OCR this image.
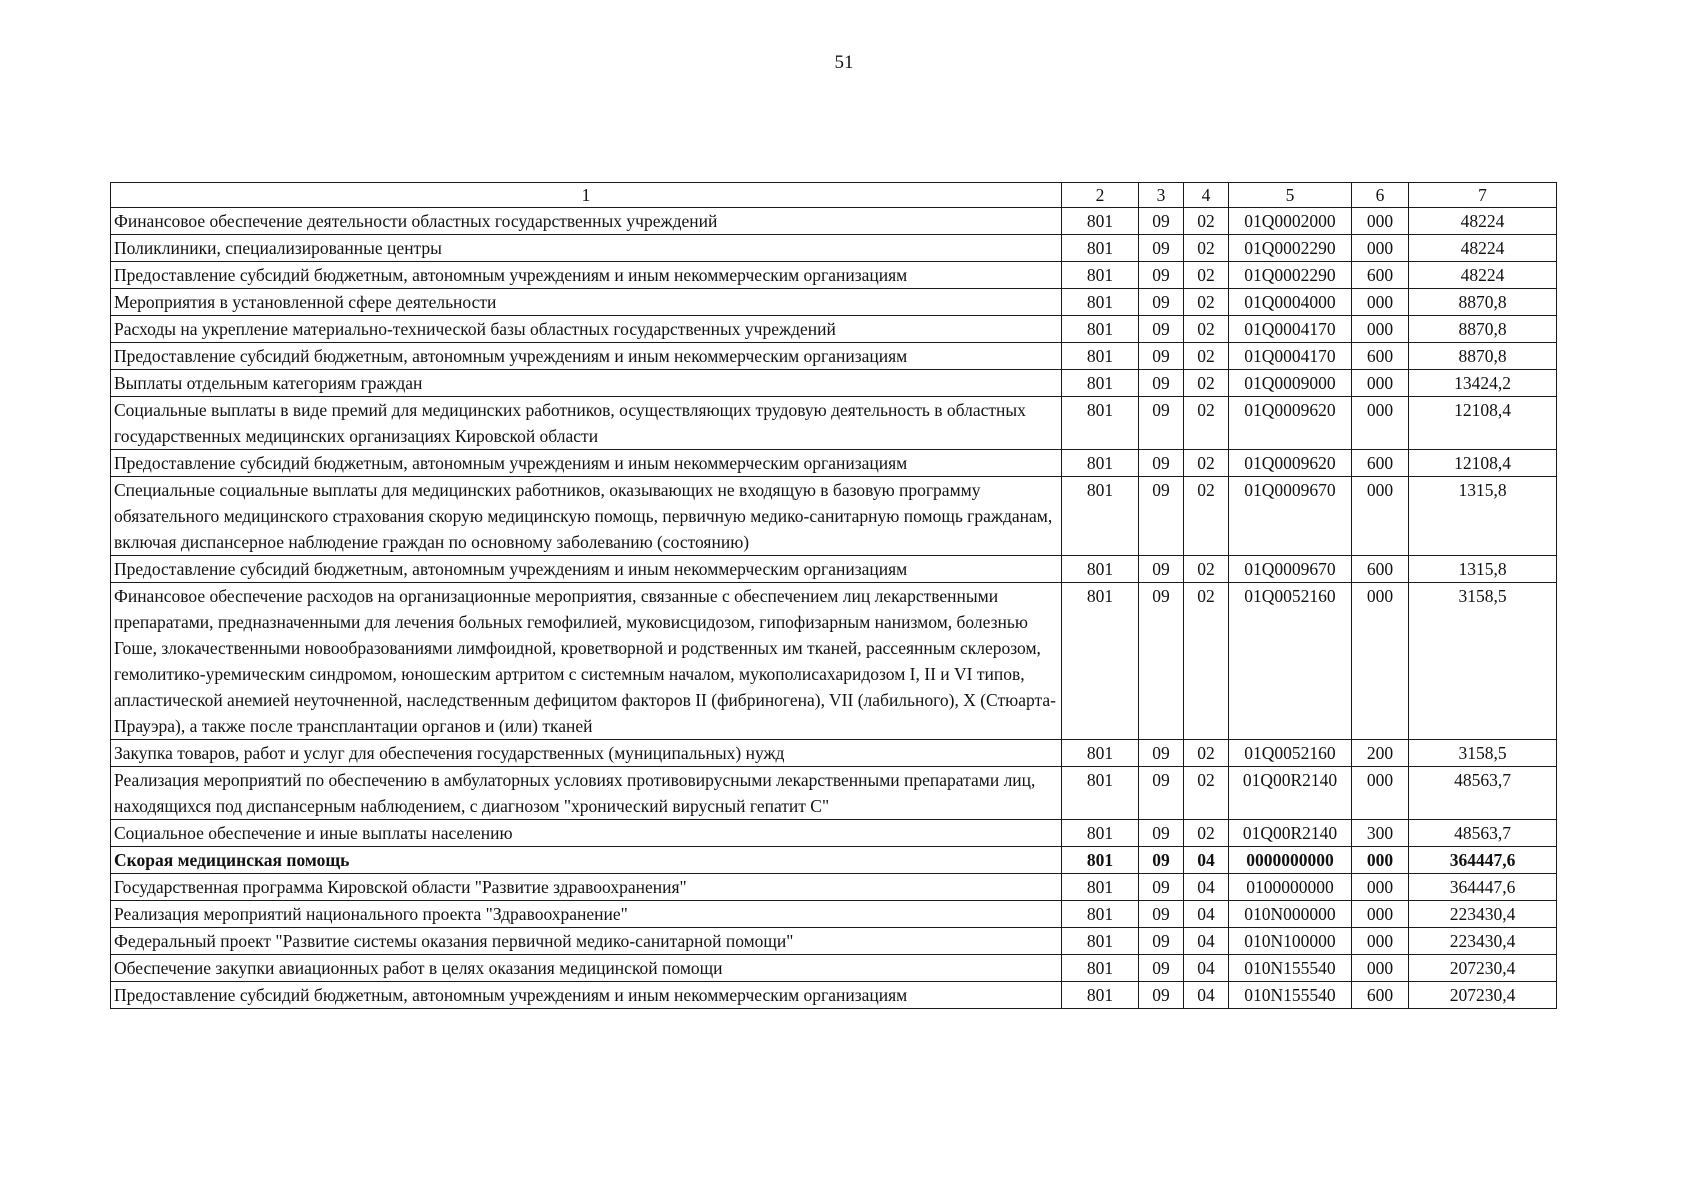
51
1	2	3	4	5	6	7
Финансовое обеспечение деятельности областных государственных учреждений	801	09	02	01Q0002000	000	48224
Поликлиники, специализированные центры	801	09	02	01Q0002290	000	48224
Предоставление субсидий бюджетным, автономным учреждениям и иным некоммерческим организациям	801	09	02	01Q0002290	600	48224
Мероприятия в установленной сфере деятельности	801	09	02	01Q0004000	000	8870,8
Расходы на укрепление материально-технической базы областных государственных учреждений	801	09	02	01Q0004170	000	8870,8
Предоставление субсидий бюджетным, автономным учреждениям и иным некоммерческим организациям	801	09	02	01Q0004170	600	8870,8
Выплаты отдельным категориям граждан	801	09	02	01Q0009000	000	13424,2
Социальные выплаты в виде премий для медицинских работников, осуществляющих трудовую деятельность в областных государственных медицинских организациях Кировской области	801	09	02	01Q0009620	000	12108,4
Предоставление субсидий бюджетным, автономным учреждениям и иным некоммерческим организациям	801	09	02	01Q0009620	600	12108,4
Специальные социальные выплаты для медицинских работников, оказывающих не входящую в базовую программу обязательного медицинского страхования скорую медицинскую помощь, первичную медико-санитарную помощь гражданам, включая диспансерное наблюдение граждан по основному заболеванию (состоянию)	801	09	02	01Q0009670	000	1315,8
Предоставление субсидий бюджетным, автономным учреждениям и иным некоммерческим организациям	801	09	02	01Q0009670	600	1315,8
Финансовое обеспечение расходов на организационные мероприятия, связанные с обеспечением лиц лекарственными препаратами, предназначенными для лечения больных гемофилией, муковисцидозом, гипофизарным нанизмом, болезнью Гоше, злокачественными новообразованиями лимфоидной, кроветворной и родственных им тканей, рассеянным склерозом, гемолитико-уремическим синдромом, юношеским артритом с системным началом, мукополисахаридозом I, II и VI типов, апластической анемией неуточненной, наследственным дефицитом факторов II (фибриногена), VII (лабильного), X (Стюарта-Прауэра), а также после трансплантации органов и (или) тканей	801	09	02	01Q0052160	000	3158,5
Закупка товаров, работ и услуг для обеспечения государственных (муниципальных) нужд	801	09	02	01Q0052160	200	3158,5
Реализация мероприятий по обеспечению в амбулаторных условиях противовирусными лекарственными препаратами лиц, находящихся под диспансерным наблюдением, с диагнозом "хронический вирусный гепатит С"	801	09	02	01Q00R2140	000	48563,7
Социальное обеспечение и иные выплаты населению	801	09	02	01Q00R2140	300	48563,7
Скорая медицинская помощь	801	09	04	0000000000	000	364447,6
Государственная программа Кировской области "Развитие здравоохранения"	801	09	04	0100000000	000	364447,6
Реализация мероприятий национального проекта "Здравоохранение"	801	09	04	010N000000	000	223430,4
Федеральный проект "Развитие системы оказания первичной медико-санитарной помощи"	801	09	04	010N100000	000	223430,4
Обеспечение закупки авиационных работ в целях оказания медицинской помощи	801	09	04	010N155540	000	207230,4
Предоставление субсидий бюджетным, автономным учреждениям и иным некоммерческим организациям	801	09	04	010N155540	600	207230,4
